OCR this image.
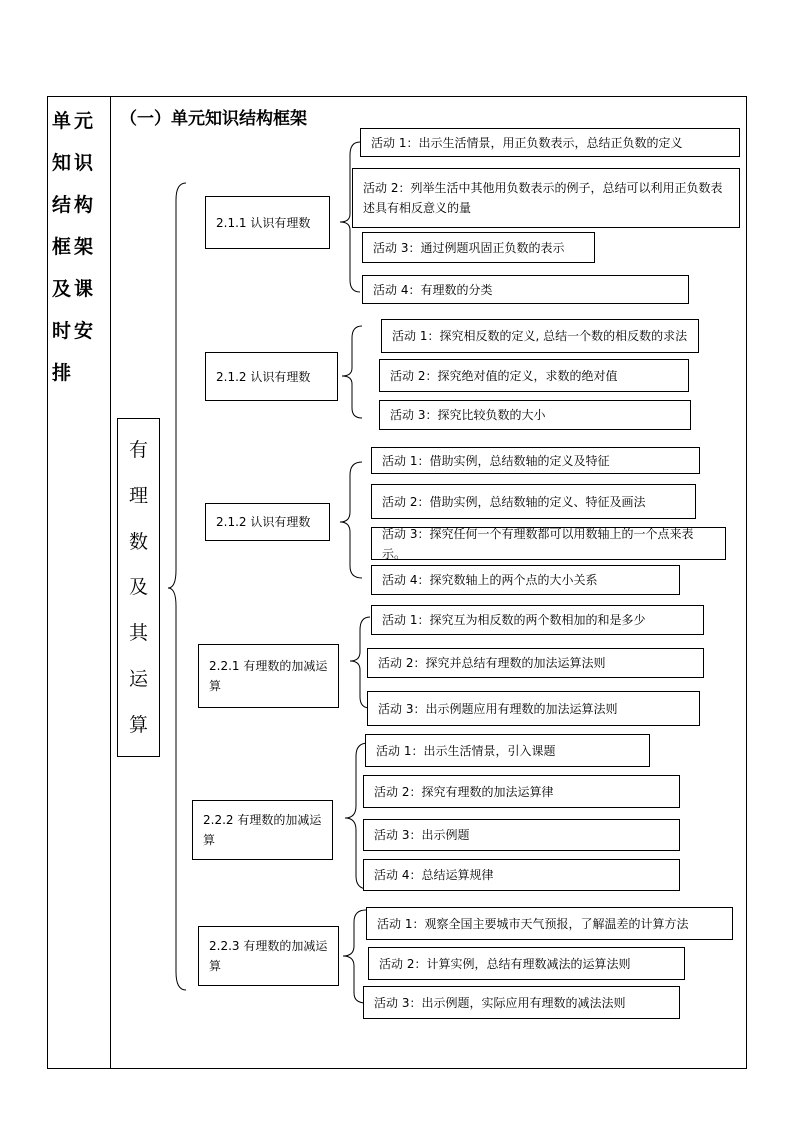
单元
知识
结构
框架
及课
时安
排
（一）单元知识结构框架
有
理
数
及
其
运
算
2.1.1 认识有理数
活动 1：出示生活情景，用正负数表示，总结正负数的定义
活动 2：列举生活中其他用负数表示的例子，总结可以利用正负数表述具有相反意义的量
活动 3：通过例题巩固正负数的表示
活动 4：有理数的分类
2.1.2 认识有理数
活动 1：探究相反数的定义, 总结一个数的相反数的求法
活动 2：探究绝对值的定义，求数的绝对值
活动 3：探究比较负数的大小
2.1.2 认识有理数
活动 1：借助实例，总结数轴的定义及特征
活动 2：借助实例，总结数轴的定义、特征及画法
活动 3：探究任何一个有理数都可以用数轴上的一个点来表示。
活动 4：探究数轴上的两个点的大小关系
2.2.1 有理数的加减运算
活动 1：探究互为相反数的两个数相加的和是多少
活动 2：探究并总结有理数的加法运算法则
活动 3：出示例题应用有理数的加法运算法则
2.2.2 有理数的加减运算
活动 1：出示生活情景，引入课题
活动 2：探究有理数的加法运算律
活动 3：出示例题
活动 4：总结运算规律
2.2.3 有理数的加减运算
活动 1：观察全国主要城市天气预报，了解温差的计算方法
活动 2：计算实例，总结有理数减法的运算法则
活动 3：出示例题，实际应用有理数的减法法则
